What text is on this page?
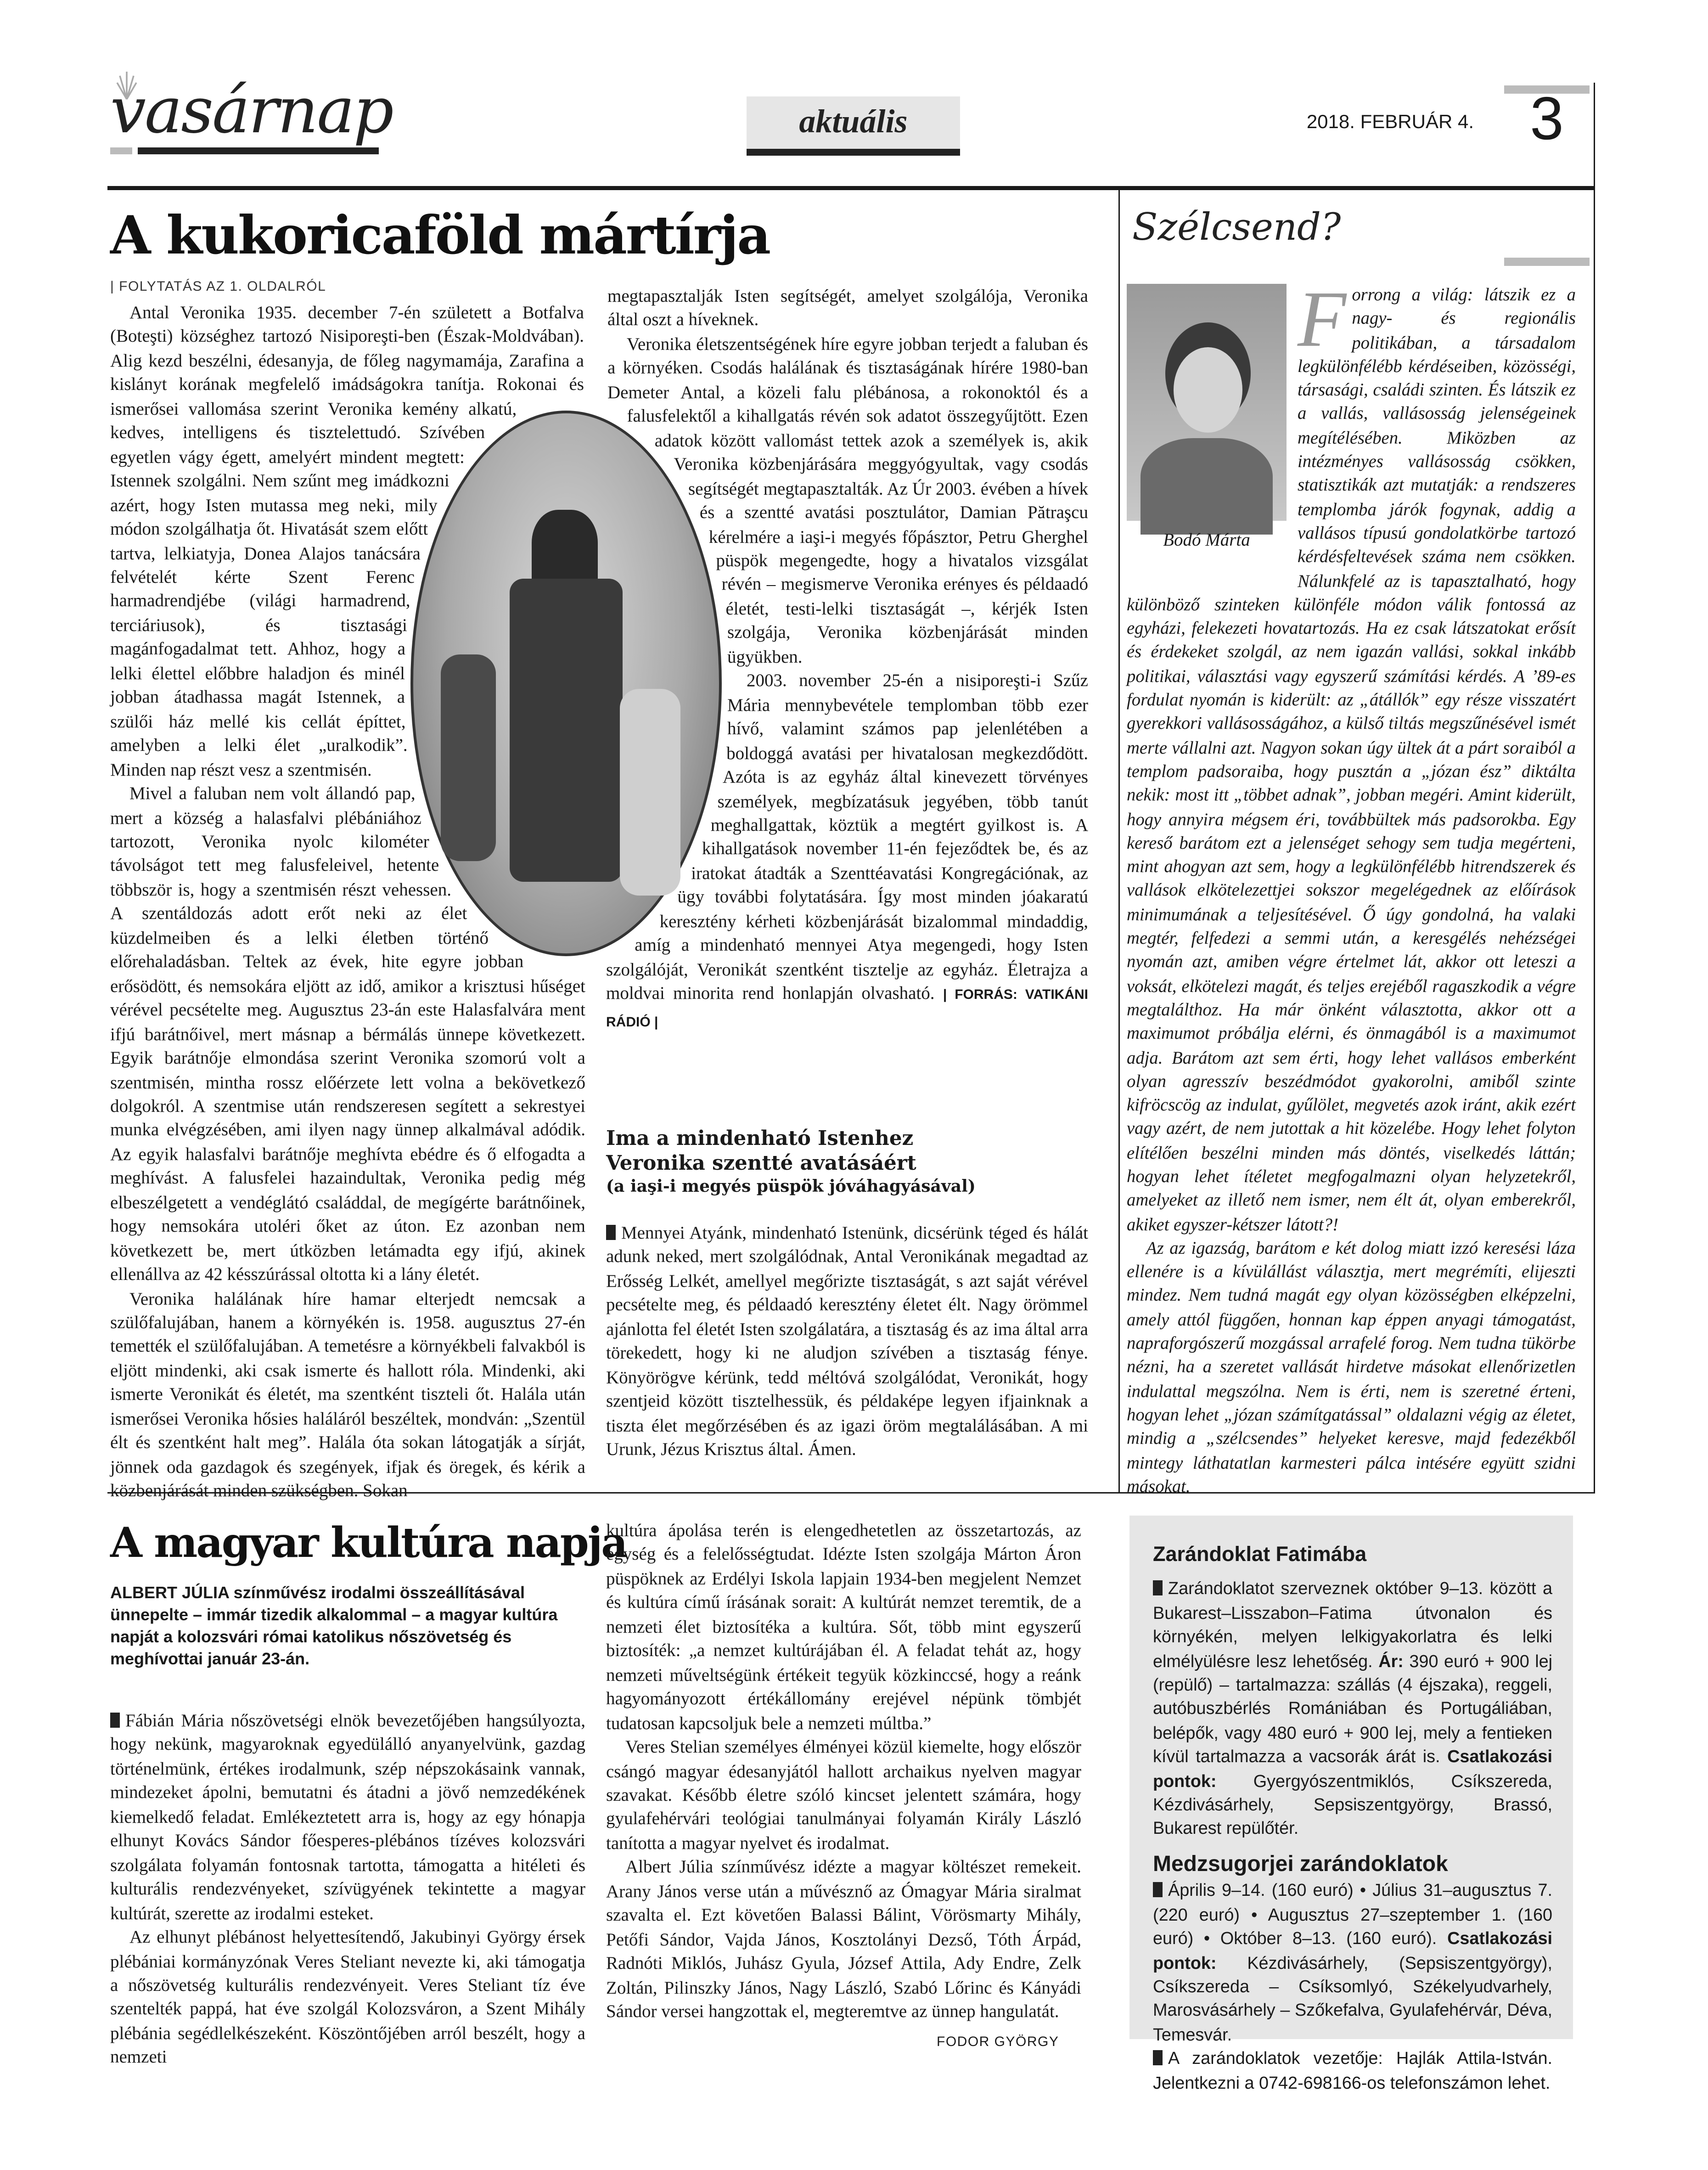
vasárnap	aktuális	2018. FEBRUÁR 4.	3
A kukoricaföld mártírja
| FOLYTATÁS AZ 1. OLDALRÓL

Antal Veronika 1935. december 7-én született a Botfalva (Boteşti) községhez tartozó Nisiporeşti-ben (Észak-Moldvában). Alig kezd beszélni, édesanyja, de főleg nagymamája, Zarafina a kislányt korának megfelelő imádságokra tanítja. Rokonai és ismerősei vallomása szerint Veronika kemény alkatú, kedves, intelligens és tisztelettudó. Szívében egyetlen vágy égett, amelyért mindent megtett: Istennek szolgálni. Nem szűnt meg imádkozni azért, hogy Isten mutassa meg neki, mily módon szolgálhatja őt. Hivatását szem előtt tartva, lelkiatyja, Donea Alajos tanácsára felvételét kérte Szent Ferenc harmadrendjébe (világi harmadrend, terciáriusok), és tisztasági magánfogadalmat tett. Ahhoz, hogy a lelki élettel előbbre haladjon és minél jobban átadhassa magát Istennek, a szülői ház mellé kis cellát építtet, amelyben a lelki élet „uralkodik”. Minden nap részt vesz a szentmisén.

Mivel a faluban nem volt állandó pap, mert a község a halasfalvi plébániához tartozott, Veronika nyolc kilométer távolságot tett meg falusfeleivel, hetente többször is, hogy a szentmisén részt vehessen. A szentáldozás adott erőt neki az élet küzdelmeiben és a lelki életben történő előrehaladásban. Teltek az évek, hite egyre jobban erősödött, és nemsokára eljött az idő, amikor a krisztusi hűséget vérével pecsételte meg. Augusztus 23-án este Halasfalvára ment ifjú barátnőivel, mert másnap a bérmálás ünnepe következett. Egyik barátnője elmondása szerint Veronika szomorú volt a szentmisén, mintha rossz előérzete lett volna a bekövetkező dolgokról. A szentmise után rendszeresen segített a sekrestyei munka elvégzésében, ami ilyen nagy ünnep alkalmával adódik. Az egyik halasfalvi barátnője meghívta ebédre és ő elfogadta a meghívást. A falusfelei hazaindultak, Veronika pedig még elbeszélgetett a vendéglátó családdal, de megígérte barátnőinek, hogy nemsokára utoléri őket az úton. Ez azonban nem következett be, mert útközben letámadta egy ifjú, akinek ellenállva az 42 késszúrással oltotta ki a lány életét.

Veronika halálának híre hamar elterjedt nemcsak a szülőfalujában, hanem a környékén is. 1958. augusztus 27-én temették el szülőfalujában. A temetésre a környékbeli falvakból is eljött mindenki, aki csak ismerte és hallott róla. Mindenki, aki ismerte Veronikát és életét, ma szentként tiszteli őt. Halála után ismerősei Veronika hősies haláláról beszéltek, mondván: „Szentül élt és szentként halt meg”. Halála óta sokan látogatják a sírját, jönnek oda gazdagok és szegények, ifjak és öregek, és kérik a közbenjárását minden szükségben. Sokan

megtapasztalják Isten segítségét, amelyet szolgálója, Veronika által oszt a híveknek.

Veronika életszentségének híre egyre jobban terjedt a faluban és a környéken. Csodás halálának és tisztaságának hírére 1980-ban Demeter Antal, a közeli falu plébánosa, a rokonoktól és a falusfelektől a kihallgatás révén sok adatot összegyűjtött. Ezen adatok között vallomást tettek azok a személyek is, akik Veronika közbenjárására meggyógyultak, vagy csodás segítségét megtapasztalták. Az Úr 2003. évében a hívek és a szentté avatási posztulátor, Damian Pătraşcu kérelmére a iaşi-i megyés főpásztor, Petru Gherghel püspök megengedte, hogy a hivatalos vizsgálat révén – megismerve Veronika erényes és példaadó életét, testi-lelki tisztaságát –, kérjék Isten szolgája, Veronika közbenjárását minden ügyükben.

2003. november 25-én a nisiporeşti-i Szűz Mária mennybevétele templomban több ezer hívő, valamint számos pap jelenlétében a boldoggá avatási per hivatalosan megkezdődött. Azóta is az egyház által kinevezett törvényes személyek, megbízatásuk jegyében, több tanút meghallgattak, köztük a megtért gyilkost is. A kihallgatások november 11-én fejeződtek be, és az iratokat átadták a Szenttéavatási Kongregációnak, az ügy további folytatására. Így most minden jóakaratú keresztény kérheti közbenjárását bizalommal mindaddig, amíg a mindenható mennyei Atya megengedi, hogy Isten szolgálóját, Veronikát szentként tisztelje az egyház. Életrajza a moldvai minorita rend honlapján olvasható. | FORRÁS: VATIKÁNI RÁDIÓ |

Ima a mindenható Istenhez
Veronika szentté avatásáért
(a iaşi-i megyés püspök jóváhagyásával)

Mennyei Atyánk, mindenható Istenünk, dicsérünk téged és hálát adunk neked, mert szolgálódnak, Antal Veronikának megadtad az Erősség Lelkét, amellyel megőrizte tisztaságát, s azt saját vérével pecsételte meg, és példaadó keresztény életet élt. Nagy örömmel ajánlotta fel életét Isten szolgálatára, a tisztaság és az ima által arra törekedett, hogy ki ne aludjon szívében a tisztaság fénye. Könyörögve kérünk, tedd méltóvá szolgálódat, Veronikát, hogy szentjeid között tisztelhessük, és példaképe legyen ifjainknak a tiszta élet megőrzésében és az igazi öröm megtalálásában. A mi Urunk, Jézus Krisztus által. Ámen.

Szélcsend?
Bodó Márta

Forrong a világ: látszik ez a nagy- és regionális politikában, a társadalom legkülönfélébb kérdéseiben, közösségi, társasági, családi szinten. És látszik ez a vallás, vallásosság jelenségeinek megítélésében. Miközben az intézményes vallásosság csökken, statisztikák azt mutatják: a rendszeres templomba járók fogynak, addig a vallásos típusú gondolatkörbe tartozó kérdésfeltevések száma nem csökken. Nálunkfelé az is tapasztalható, hogy különböző szinteken különféle módon válik fontossá az egyházi, felekezeti hovatartozás. Ha ez csak látszatokat erősít és érdekeket szolgál, az nem igazán vallási, sokkal inkább politikai, választási vagy egyszerű számítási kérdés. A ’89-es fordulat nyomán is kiderült: az „átállók” egy része visszatért gyerekkori vallásosságához, a külső tiltás megszűnésével ismét merte vállalni azt. Nagyon sokan úgy ültek át a párt soraiból a templom padsoraiba, hogy pusztán a „józan ész” diktálta nekik: most itt „többet adnak”, jobban megéri. Amint kiderült, hogy annyira mégsem éri, továbbültek más padsorokba. Egy kereső barátom ezt a jelenséget sehogy sem tudja megérteni, mint ahogyan azt sem, hogy a legkülönfélébb hitrendszerek és vallások elkötelezettjei sokszor megelégednek az előírások minimumának a teljesítésével. Ő úgy gondolná, ha valaki megtér, felfedezi a semmi után, a keresgélés nehézségei nyomán azt, amiben végre értelmet lát, akkor ott leteszi a voksát, elkötelezi magát, és teljes erejéből ragaszkodik a végre megtalálthoz. Ha már önként választotta, akkor ott a maximumot próbálja elérni, és önmagából is a maximumot adja. Barátom azt sem érti, hogy lehet vallásos emberként olyan agresszív beszédmódot gyakorolni, amiből szinte kifröcscög az indulat, gyűlölet, megvetés azok iránt, akik ezért vagy azért, de nem jutottak a hit közelébe. Hogy lehet folyton elítélően beszélni minden más döntés, viselkedés láttán; hogyan lehet ítéletet megfogalmazni olyan helyzetekről, amelyeket az illető nem ismer, nem élt át, olyan emberekről, akiket egyszer-kétszer látott?!

Az az igazság, barátom e két dolog miatt izzó keresési láza ellenére is a kívülállást választja, mert megrémíti, elijeszti mindez. Nem tudná magát egy olyan közösségben elképzelni, amely attól függően, honnan kap éppen anyagi támogatást, napraforgószerű mozgással arrafelé forog. Nem tudna tükörbe nézni, ha a szeretet vallását hirdetve másokat ellenőrizetlen indulattal megszólna. Nem is érti, nem is szeretné érteni, hogyan lehet „józan számítgatással” oldalazni végig az életet, mindig a „szélcsendes” helyeket keresve, majd fedezékből mintegy láthatatlan karmesteri pálca intésére együtt szidni másokat.

A magyar kultúra napja
ALBERT JÚLIA színművész irodalmi összeállításával ünnepelte – immár tizedik alkalommal – a magyar kultúra napját a kolozsvári római katolikus nőszövetség és meghívottai január 23-án.

Fábián Mária nőszövetségi elnök bevezetőjében hangsúlyozta, hogy nekünk, magyaroknak egyedülálló anyanyelvünk, gazdag történelmünk, értékes irodalmunk, szép népszokásaink vannak, mindezeket ápolni, bemutatni és átadni a jövő nemzedékének kiemelkedő feladat. Emlékeztetett arra is, hogy az egy hónapja elhunyt Kovács Sándor főesperes-plébános tízéves kolozsvári szolgálata folyamán fontosnak tartotta, támogatta a hitéleti és kulturális rendezvényeket, szívügyének tekintette a magyar kultúrát, szerette az irodalmi esteket.

Az elhunyt plébánost helyettesítendő, Jakubinyi György érsek plébániai kormányzónak Veres Steliant nevezte ki, aki támogatja a nőszövetség kulturális rendezvényeit. Veres Steliant tíz éve szentelték pappá, hat éve szolgál Kolozsváron, a Szent Mihály plébánia segédlelkészeként. Köszöntőjében arról beszélt, hogy a nemzeti

kultúra ápolása terén is elengedhetetlen az összetartozás, az egység és a felelősségtudat. Idézte Isten szolgája Márton Áron püspöknek az Erdélyi Iskola lapjain 1934-ben megjelent Nemzet és kultúra című írásának sorait: A kultúrát nemzet teremtik, de a nemzeti élet biztosítéka a kultúra. Sőt, több mint egyszerű biztosíték: „a nemzet kultúrájában él. A feladat tehát az, hogy nemzeti műveltségünk értékeit tegyük közkinccsé, hogy a reánk hagyományozott értékállomány erejével népünk tömbjét tudatosan kapcsoljuk bele a nemzeti múltba.”

Veres Stelian személyes élményei közül kiemelte, hogy először csángó magyar édesanyjától hallott archaikus nyelven magyar szavakat. Később életre szóló kincset jelentett számára, hogy gyulafehérvári teológiai tanulmányai folyamán Király László tanította a magyar nyelvet és irodalmat.

Albert Júlia színművész idézte a magyar költészet remekeit. Arany János verse után a művésznő az Ómagyar Mária siralmat szavalta el. Ezt követően Balassi Bálint, Vörösmarty Mihály, Petőfi Sándor, Vajda János, Kosztolányi Dezső, Tóth Árpád, Radnóti Miklós, Juhász Gyula, József Attila, Ady Endre, Zelk Zoltán, Pilinszky János, Nagy László, Szabó Lőrinc és Kányádi Sándor versei hangzottak el, megteremtve az ünnep hangulatát.

FODOR GYÖRGY
Zarándoklat Fatimába

Zarándoklatot szerveznek október 9–13. között a Bukarest–Lisszabon–Fatima útvonalon és környékén, melyen lelkigyakorlatra és lelki elmélyülésre lesz lehetőség. Ár: 390 euró + 900 lej (repülő) – tartalmazza: szállás (4 éjszaka), reggeli, autóbuszbérlés Romániában és Portugáliában, belépők, vagy 480 euró + 900 lej, mely a fentieken kívül tartalmazza a vacsorák árát is. Csatlakozási pontok:	Gyergyószentmiklós, Csíkszereda, Kézdivásárhely, Sepsiszentgyörgy, Brassó, Bukarest repülőtér.

Medzsugorjei zarándoklatok

Április 9–14. (160 euró) • Július 31–augusztus 7. (220 euró) • Augusztus 27–szeptember 1. (160 euró) • Október 8–13. (160 euró). Csatlakozási pontok:	Kézdivásárhely, (Sepsiszentgyörgy), Csíkszereda – Csíksomlyó, Székelyudvarhely, Marosvásárhely – Szőkefalva, Gyulafehérvár, Déva, Temesvár.

A zarándoklatok vezetője: Hajlák Attila-István. Jelentkezni a 0742-698166-os telefonszámon lehet.
